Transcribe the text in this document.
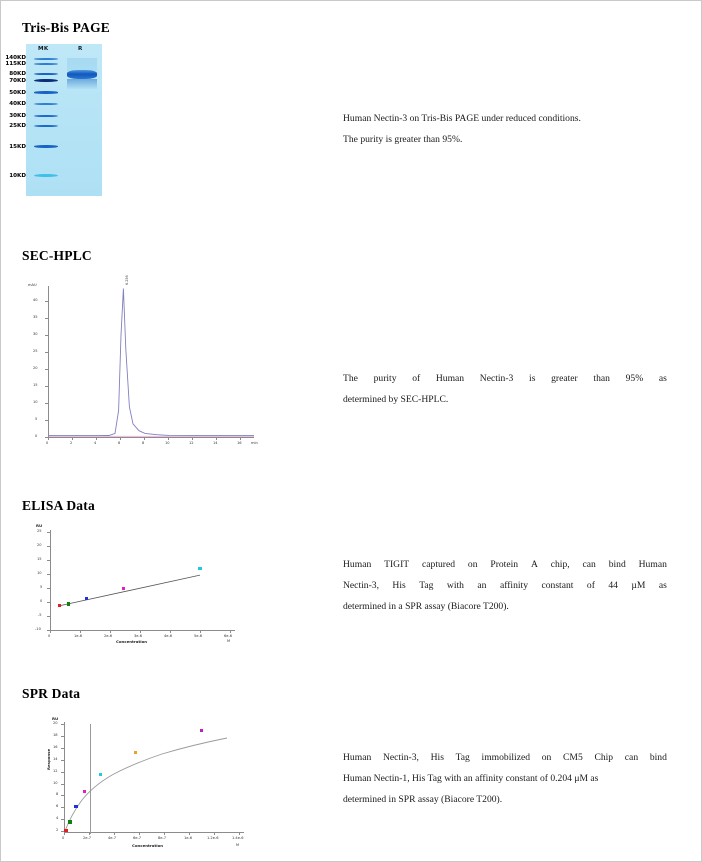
Tris-Bis PAGE
MK	R
140KD
115KD
80KD
70KD
50KD
40KD
30KD
25KD
15KD
10KD
Human Nectin-3 on Tris-Bis PAGE under reduced conditions.
The purity is greater than 95%.
SEC-HPLC
0
5
10
15
20
25
30
35
40
mAU
0	2	4	6	8	10	12	14	16	min
6.256
The purity of Human Nectin-3 is greater than 95% as
determined by SEC-HPLC.
ELISA Data
RU
25
20
15
10
5
0
-5
-10
0	1e-6	2e-6	3e-6	4e-6	5e-6	6e-6
Concentration	M
Human TIGIT captured on Protein A chip, can bind Human
Nectin-3, His Tag with an affinity constant of 44 µM as
determined in a SPR assay (Biacore T200).
SPR Data
RU
20
18
16
14
12
10
8
6
4
2
Response
0	2e-7	4e-7	6e-7	8e-7	1e-6	1.2e-6	1.4e-6
Concentration	M
Human Nectin-3, His Tag immobilized on CM5 Chip can bind
Human Nectin-1, His Tag with an affinity constant of 0.204 μM as
determined in SPR assay (Biacore T200).
